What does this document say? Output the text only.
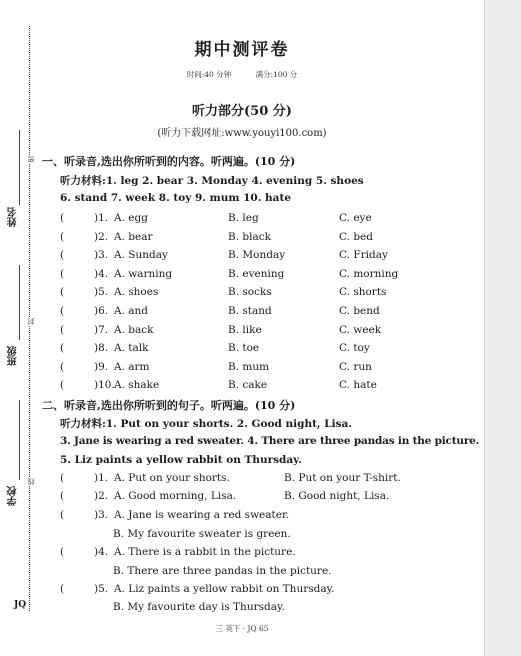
姓名
班级
学校
密
封
线
JQ
期中测评卷
时间:40 分钟	满分:100 分
听力部分(50 分)
(听力下载网址:www.youyi100.com)
一、听录音,选出你所听到的内容。听两遍。(10 分)
听力材料:1. leg 2. bear 3. Monday 4. evening 5. shoes
6. stand 7. week 8. toy 9. mum 10. hate
(	)1. A. egg	B. leg	C. eye
(	)2. A. bear	B. black	C. bed
(	)3. A. Sunday	B. Monday	C. Friday
(	)4. A. warning	B. evening	C. morning
(	)5. A. shoes	B. socks	C. shorts
(	)6. A. and	B. stand	C. bend
(	)7. A. back	B. like	C. week
(	)8. A. talk	B. toe	C. toy
(	)9. A. arm	B. mum	C. run
(	)10. A. shake	B. cake	C. hate
二、听录音,选出你所听到的句子。听两遍。(10 分)
听力材料:1. Put on your shorts. 2. Good night, Lisa.
3. Jane is wearing a red sweater. 4. There are three pandas in the picture.
5. Liz paints a yellow rabbit on Thursday.
(	)1. A. Put on your shorts.	B. Put on your T-shirt.
(	)2. A. Good morning, Lisa.	B. Good night, Lisa.
(	)3. A. Jane is wearing a red sweater.
B. My favourite sweater is green.
(	)4. A. There is a rabbit in the picture.
B. There are three pandas in the picture.
(	)5. A. Liz paints a yellow rabbit on Thursday.
B. My favourite day is Thursday.
三 英下 · JQ 65
